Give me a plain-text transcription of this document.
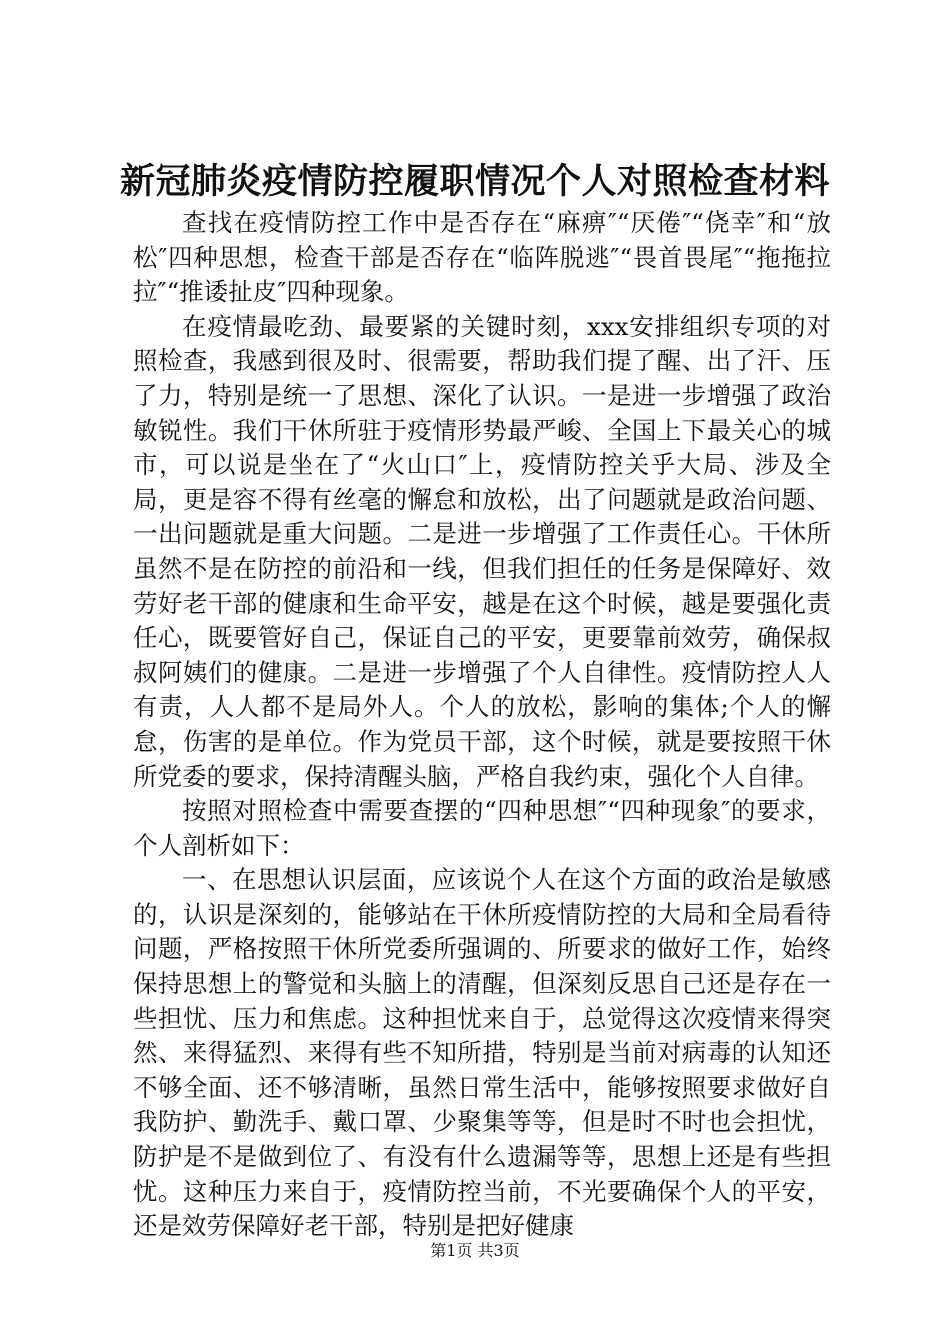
新冠肺炎疫情防控履职情况个人对照检查材料

查找在疫情防控工作中是否存在“麻痹″“厌倦″“侥幸″和“放松″四种思想，检查干部是否存在“临阵脱逃″“畏首畏尾″“拖拖拉拉″“推诿扯皮″四种现象。

在疫情最吃劲、最要紧的关键时刻，xxx安排组织专项的对照检查，我感到很及时、很需要，帮助我们提了醒、出了汗、压了力，特别是统一了思想、深化了认识。一是进一步增强了政治敏锐性。我们干休所驻于疫情形势最严峻、全国上下最关心的城市，可以说是坐在了“火山口″上，疫情防控关乎大局、涉及全局，更是容不得有丝毫的懈怠和放松，出了问题就是政治问题、一出问题就是重大问题。二是进一步增强了工作责任心。干休所虽然不是在防控的前沿和一线，但我们担任的任务是保障好、效劳好老干部的健康和生命平安，越是在这个时候，越是要强化责任心，既要管好自己，保证自己的平安，更要靠前效劳，确保叔叔阿姨们的健康。二是进一步增强了个人自律性。疫情防控人人有责，人人都不是局外人。个人的放松，影响的集体;个人的懈怠，伤害的是单位。作为党员干部，这个时候，就是要按照干休所党委的要求，保持清醒头脑，严格自我约束，强化个人自律。

按照对照检查中需要查摆的“四种思想″“四种现象″的要求，个人剖析如下：

一、在思想认识层面，应该说个人在这个方面的政治是敏感的，认识是深刻的，能够站在干休所疫情防控的大局和全局看待问题，严格按照干休所党委所强调的、所要求的做好工作，始终保持思想上的警觉和头脑上的清醒，但深刻反思自己还是存在一些担忧、压力和焦虑。这种担忧来自于，总觉得这次疫情来得突然、来得猛烈、来得有些不知所措，特别是当前对病毒的认知还不够全面、还不够清晰，虽然日常生活中，能够按照要求做好自我防护、勤洗手、戴口罩、少聚集等等，但是时不时也会担忧，防护是不是做到位了、有没有什么遗漏等等，思想上还是有些担忧。这种压力来自于，疫情防控当前，不光要确保个人的平安，还是效劳保障好老干部，特别是把好健康

第1页 共3页
